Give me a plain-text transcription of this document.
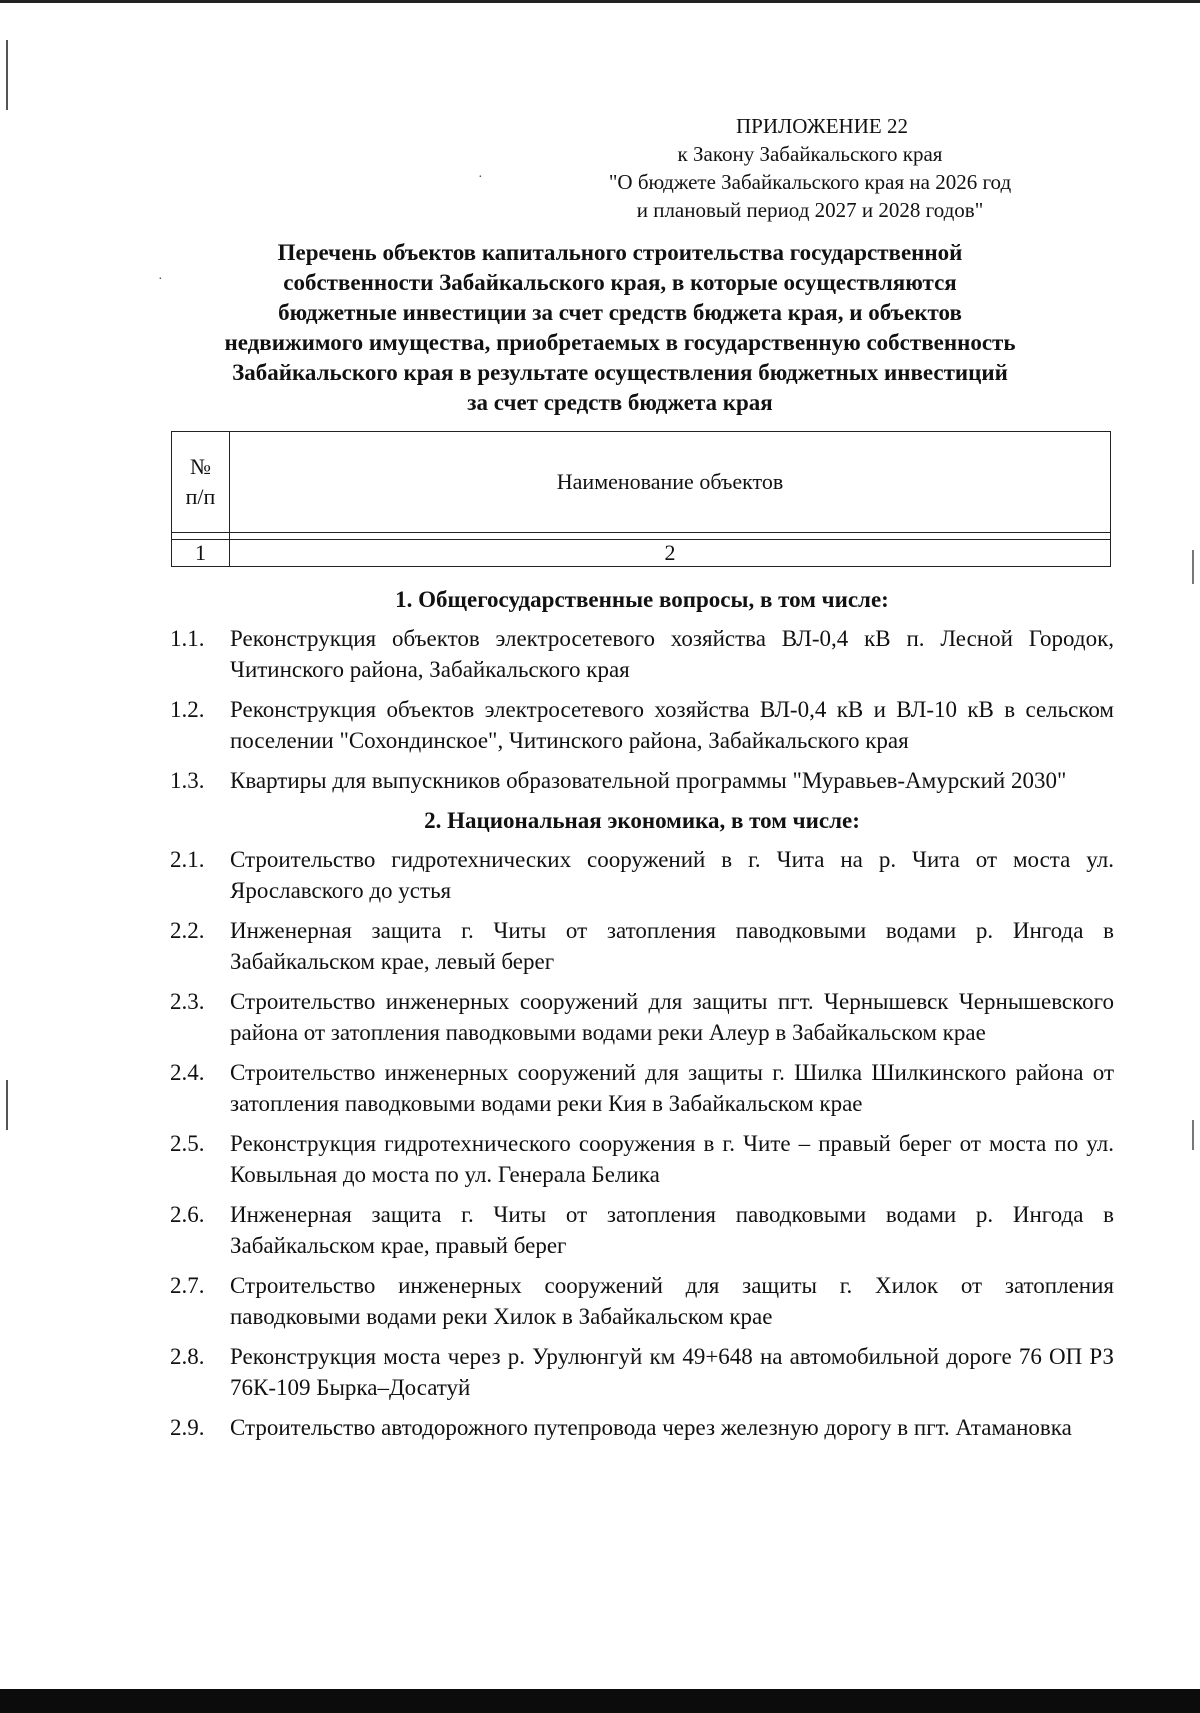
·ৢ
·
ПРИЛОЖЕНИЕ 22
к Закону Забайкальского края
"О бюджете Забайкальского края на 2026 год
и плановый период 2027 и 2028 годов"
Перечень объектов капитального строительства государственной
собственности Забайкальского края, в которые осуществляются
бюджетные инвестиции за счет средств бюджета края, и объектов
недвижимого имущества, приобретаемых в государственную собственность
Забайкальского края в результате осуществления бюджетных инвестиций
за счет средств бюджета края
№
п/п	Наименование объектов

1	2
1. Общегосударственные вопросы, в том числе:
1.1.	Реконструкция объектов электросетевого хозяйства ВЛ-0,4 кВ п. Лесной Городок, Читинского района, Забайкальского края
1.2.	Реконструкция объектов электросетевого хозяйства ВЛ-0,4 кВ и ВЛ-10 кВ в сельском поселении "Сохондинское", Читинского района, Забайкальского края
1.3.	Квартиры для выпускников образовательной программы "Муравьев-Амурский 2030"
2. Национальная экономика, в том числе:
2.1.	Строительство гидротехнических сооружений в г. Чита на р. Чита от моста ул. Ярославского до устья
2.2.	Инженерная защита г. Читы от затопления паводковыми водами р. Ингода в Забайкальском крае, левый берег
2.3.	Строительство инженерных сооружений для защиты пгт. Чернышевск Чернышевского района от затопления паводковыми водами реки Алеур в Забайкальском крае
2.4.	Строительство инженерных сооружений для защиты г. Шилка Шилкинского района от затопления паводковыми водами реки Кия в Забайкальском крае
2.5.	Реконструкция гидротехнического сооружения в г. Чите – правый берег от моста по ул. Ковыльная до моста по ул. Генерала Белика
2.6.	Инженерная защита г. Читы от затопления паводковыми водами р. Ингода в Забайкальском крае, правый берег
2.7.	Строительство инженерных сооружений для защиты г. Хилок от затопления паводковыми водами реки Хилок в Забайкальском крае
2.8.	Реконструкция моста через р. Урулюнгуй км 49+648 на автомобильной дороге 76 ОП РЗ 76К-109 Бырка–Досатуй
2.9.	Строительство автодорожного путепровода через железную дорогу в пгт. Атамановка
